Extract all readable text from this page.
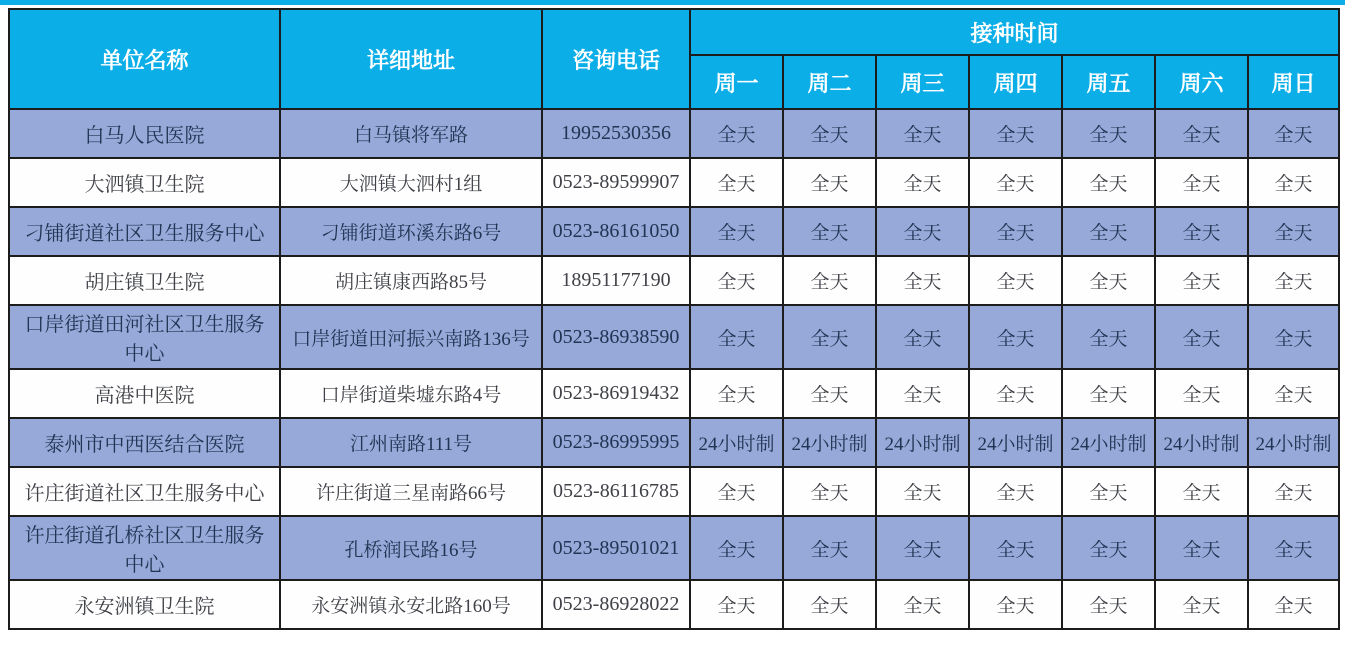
单位名称	详细地址	咨询电话	接种时间						
			周一	周二	周三	周四	周五	周六	周日
白马人民医院	白马镇将军路	19952530356	全天	全天	全天	全天	全天	全天	全天
大泗镇卫生院	大泗镇大泗村1组	0523-89599907	全天	全天	全天	全天	全天	全天	全天
刁铺街道社区卫生服务中心	刁铺街道环溪东路6号	0523-86161050	全天	全天	全天	全天	全天	全天	全天
胡庄镇卫生院	胡庄镇康西路85号	18951177190	全天	全天	全天	全天	全天	全天	全天
口岸街道田河社区卫生服务中心	口岸街道田河振兴南路136号	0523-86938590	全天	全天	全天	全天	全天	全天	全天
高港中医院	口岸街道柴墟东路4号	0523-86919432	全天	全天	全天	全天	全天	全天	全天
泰州市中西医结合医院	江州南路111号	0523-86995995	24小时制	24小时制	24小时制	24小时制	24小时制	24小时制	24小时制
许庄街道社区卫生服务中心	许庄街道三星南路66号	0523-86116785	全天	全天	全天	全天	全天	全天	全天
许庄街道孔桥社区卫生服务中心	孔桥润民路16号	0523-89501021	全天	全天	全天	全天	全天	全天	全天
永安洲镇卫生院	永安洲镇永安北路160号	0523-86928022	全天	全天	全天	全天	全天	全天	全天
